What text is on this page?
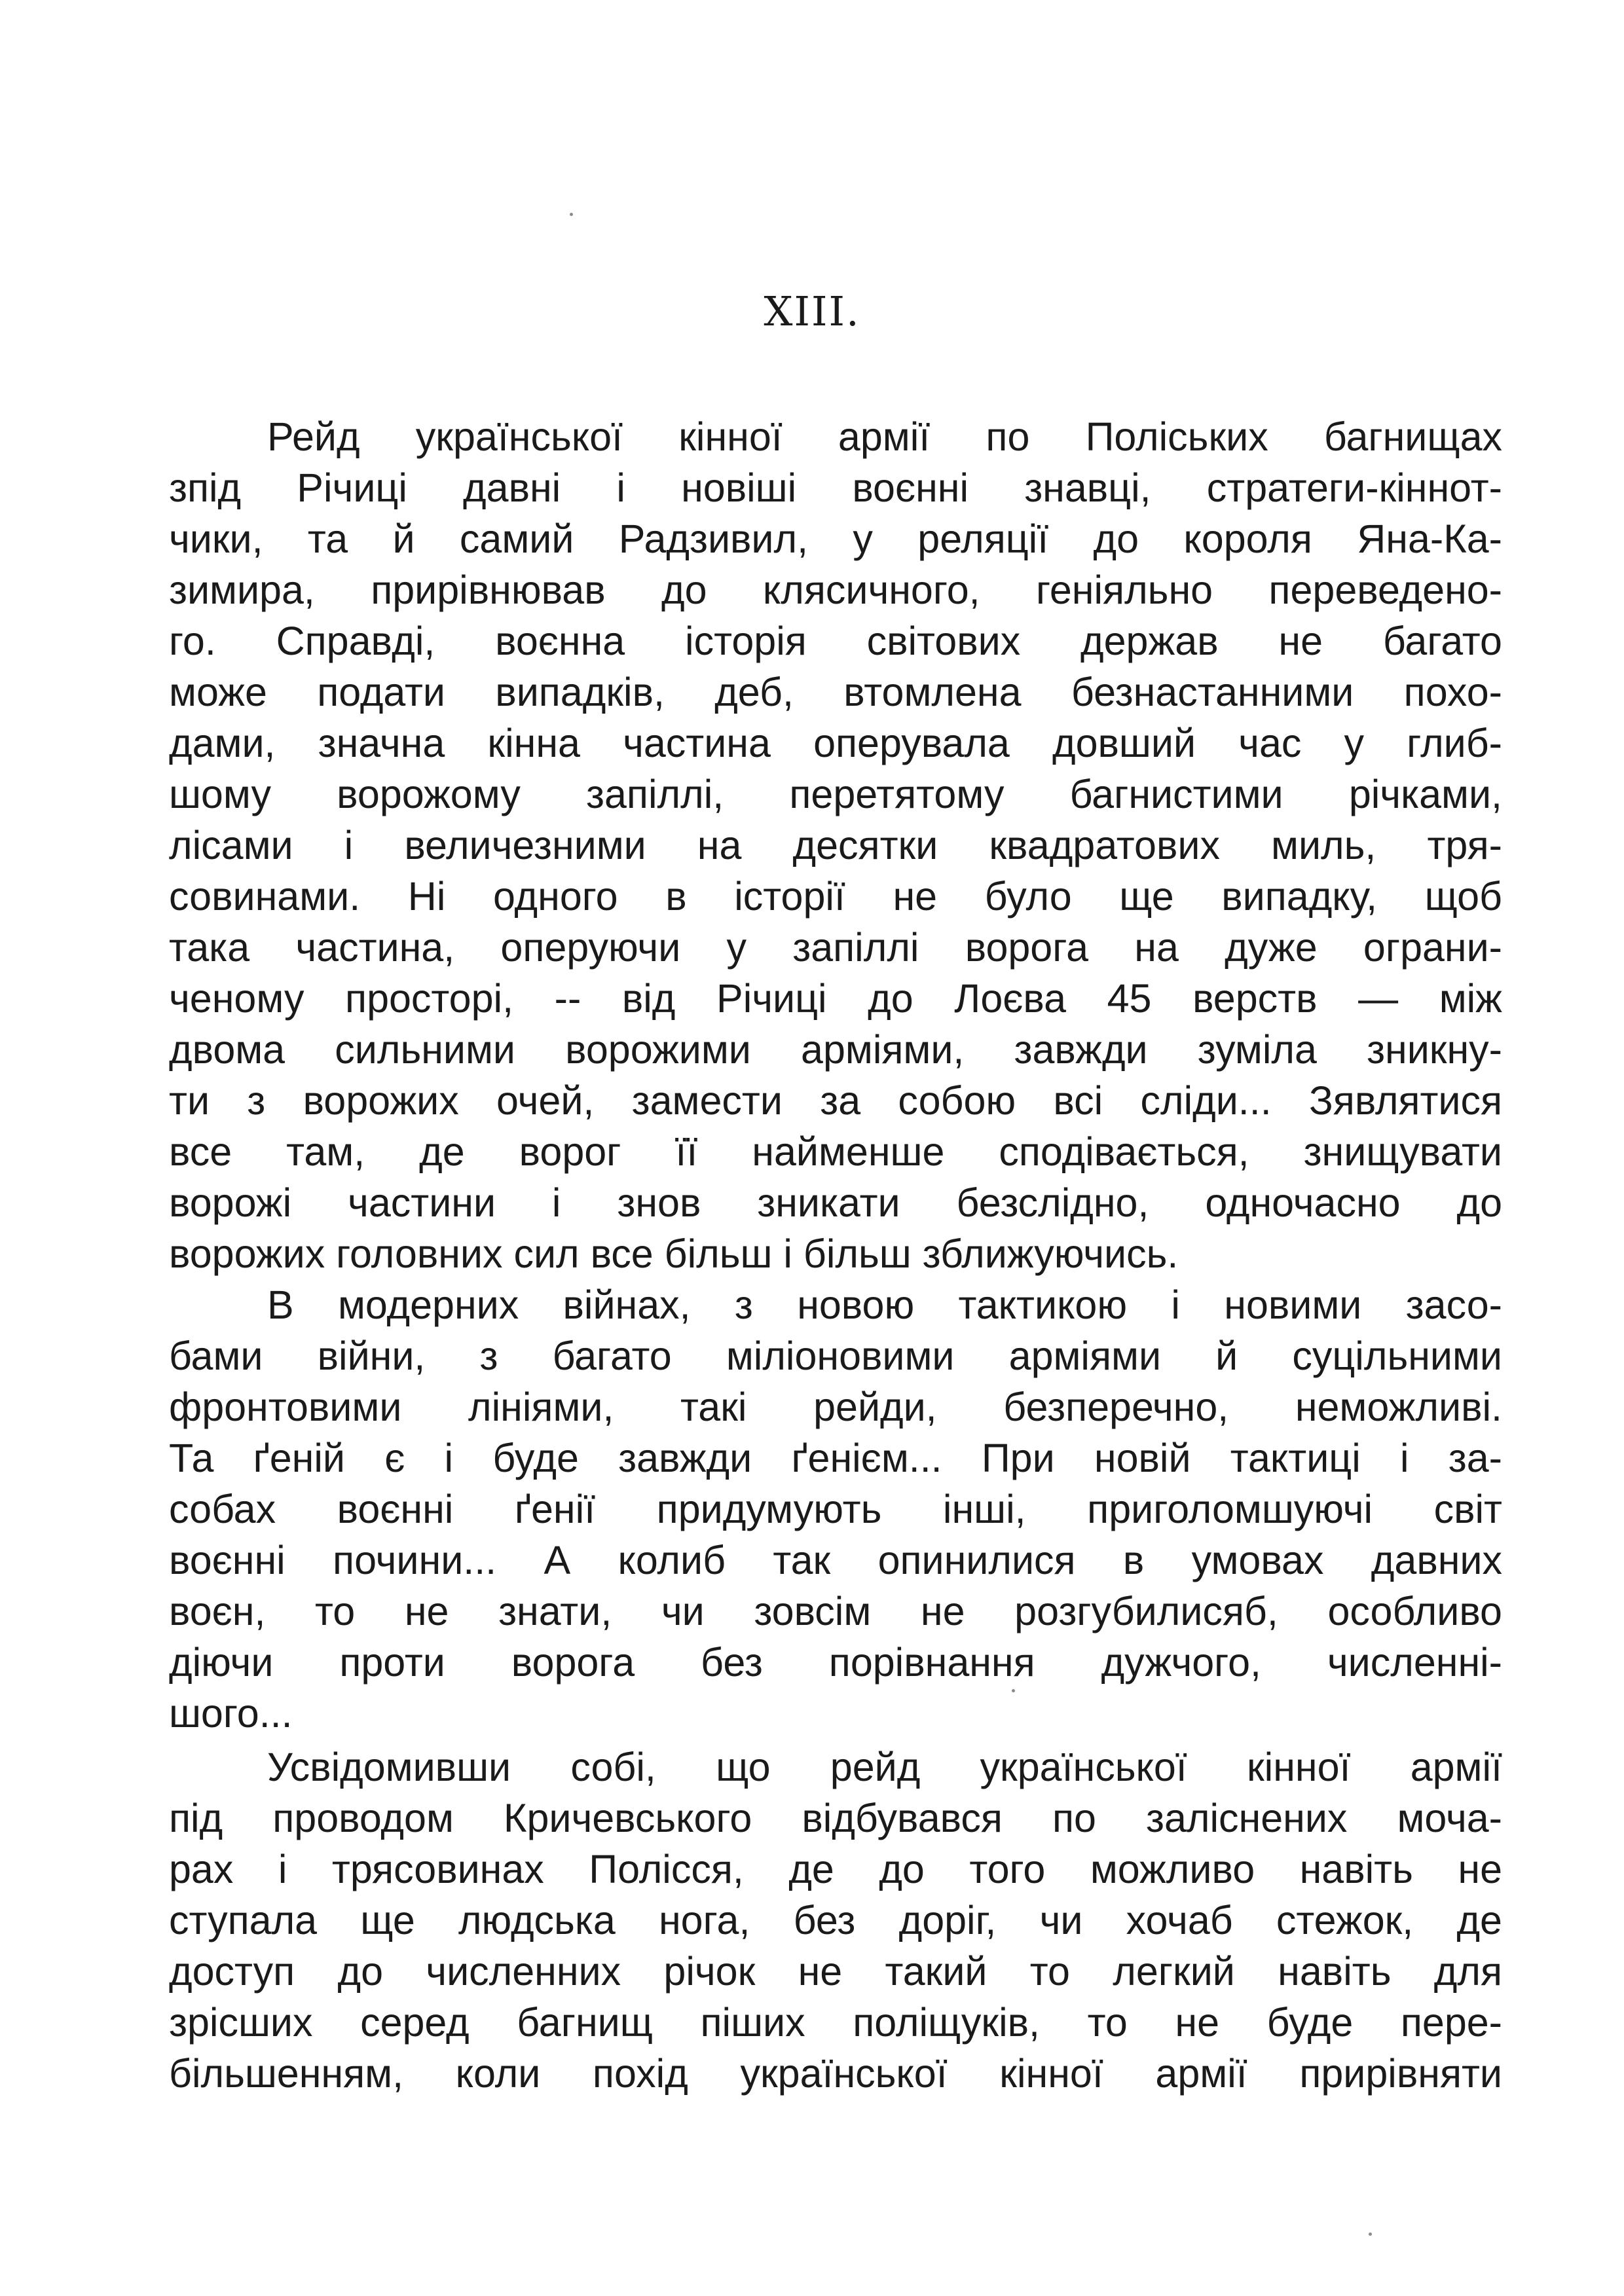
XIII.
Рейд української кінної армії по Поліських багнищах
зпід Річиці давні і новіші воєнні знавці, стратеги-кіннот-
чики, та й самий Радзивил, у реляції до короля Яна-Ка-
зимира, прирівнював до клясичного, геніяльно переведено-
го. Справді, воєнна історія світових держав не багато
може подати випадків, деб, втомлена безнастанними похо-
дами, значна кінна частина оперувала довший час у глиб-
шому ворожому запіллі, перетятому багнистими річками,
лісами і величезними на десятки квадратових миль, тря-
совинами. Ні одного в історії не було ще випадку, щоб
така частина, оперуючи у запіллі ворога на дуже ограни-
ченому просторі, -- від Річиці до Лоєва 45 верств — між
двома сильними ворожими арміями, завжди зуміла зникну-
ти з ворожих очей, замести за собою всі сліди... Зявлятися
все там, де ворог її найменше сподівається, знищувати
ворожі частини і знов зникати безслідно, одночасно до
ворожих головних сил все більш і більш зближуючись.
В модерних війнах, з новою тактикою і новими засо-
бами війни, з багато міліоновими арміями й суцільними
фронтовими лініями, такі рейди, безперечно, неможливі.
Та ґеній є і буде завжди ґенієм... При новій тактиці і за-
собах воєнні ґенії придумують інші, приголомшуючі світ
воєнні почини... А колиб так опинилися в умовах давних
воєн, то не знати, чи зовсім не розгубилисяб, особливо
діючи проти ворога без порівнання дужчого, численні-
шого...
Усвідомивши собі, що рейд української кінної армії
під проводом Кричевського відбувався по заліснених моча-
рах і трясовинах Полісся, де до того можливо навіть не
ступала ще людська нога, без доріг, чи хочаб стежок, де
доступ до численних річок не такий то легкий навіть для
зрісших серед багнищ піших поліщуків, то не буде пере-
більшенням, коли похід української кінної армії прирівняти
